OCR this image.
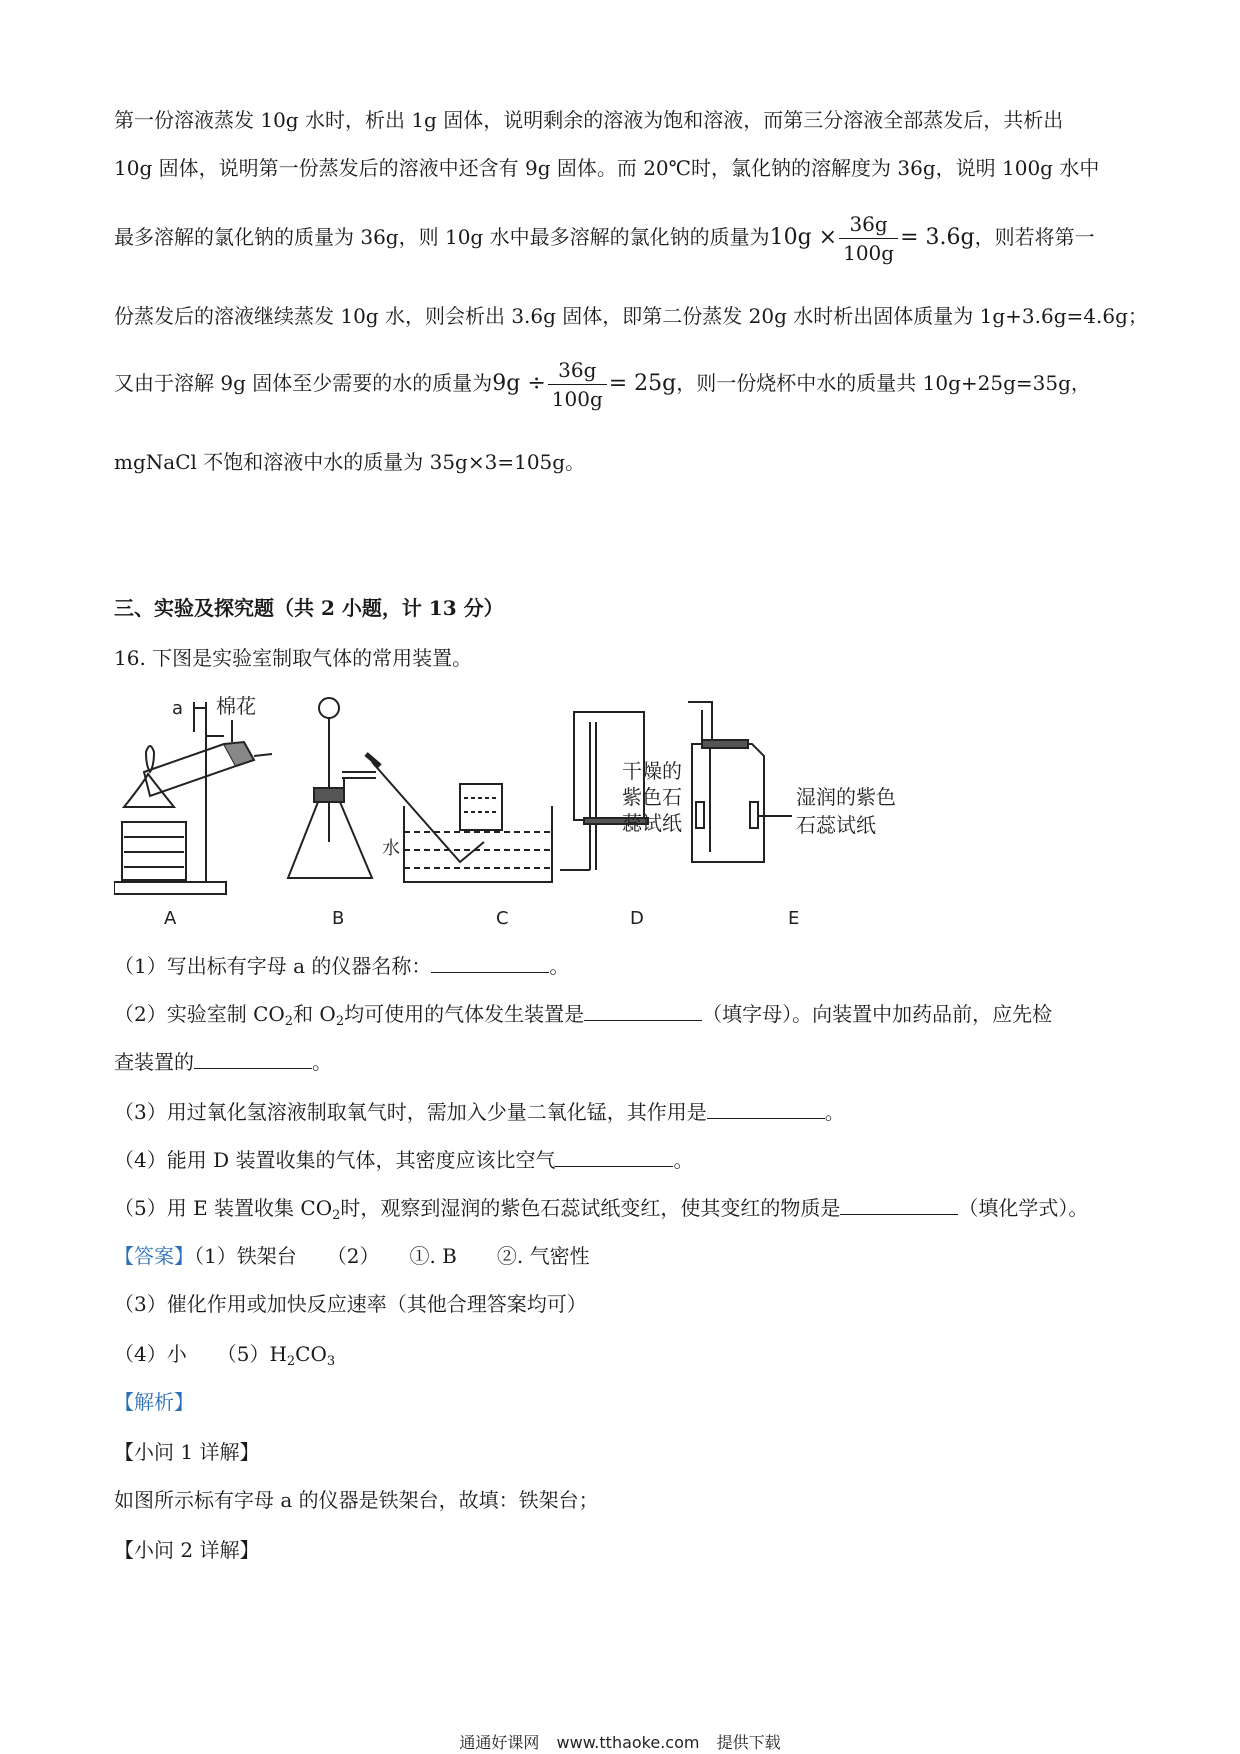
第一份溶液蒸发 10g 水时，析出 1g 固体，说明剩余的溶液为饱和溶液，而第三分溶液全部蒸发后，共析出
10g 固体，说明第一份蒸发后的溶液中还含有 9g 固体。而 20℃时，氯化钠的溶解度为 36g，说明 100g 水中
最多溶解的氯化钠的质量为 36g，则 10g 水中最多溶解的氯化钠的质量为$10g \times \frac{36g}{100g} = 3.6g$，则若将第一
份蒸发后的溶液继续蒸发 10g 水，则会析出 3.6g 固体，即第二份蒸发 20g 水时析出固体质量为 1g+3.6g=4.6g；
又由于溶解 9g 固体至少需要的水的质量为$9g \div \frac{36g}{100g} = 25g$，则一份烧杯中水的质量共 10g+25g=35g，
mgNaCl 不饱和溶液中水的质量为 35g×3=105g。
三、实验及探究题（共 2 小题，计 13 分）
16. 下图是实验室制取气体的常用装置。
a 棉花
水
干燥的
紫色石
蕊试纸
湿润的紫色
石蕊试纸
A	B	C	D	E
（1）写出标有字母 a 的仪器名称：	。
（2）实验室制 $CO_2$和 $O_2$均可使用的气体发生装置是	（填字母）。向装置中加药品前，应先检
查装置的	。
（3）用过氧化氢溶液制取氧气时，需加入少量二氧化锰，其作用是	。
（4）能用 D 装置收集的气体，其密度应该比空气	。
（5）用 E 装置收集 $CO_2$时，观察到湿润的紫色石蕊试纸变红，使其变红的物质是	（填化学式）。
【答案】（1）铁架台　　（2）　　①. B　　②. 气密性
（3）催化作用或加快反应速率（其他合理答案均可）
（4）小　　$(5)H_2CO_3$
【解析】
【小问 1 详解】
如图所示标有字母 a 的仪器是铁架台，故填：铁架台；
【小问 2 详解】
通通好课网 www.tthaoke.com 提供下载
